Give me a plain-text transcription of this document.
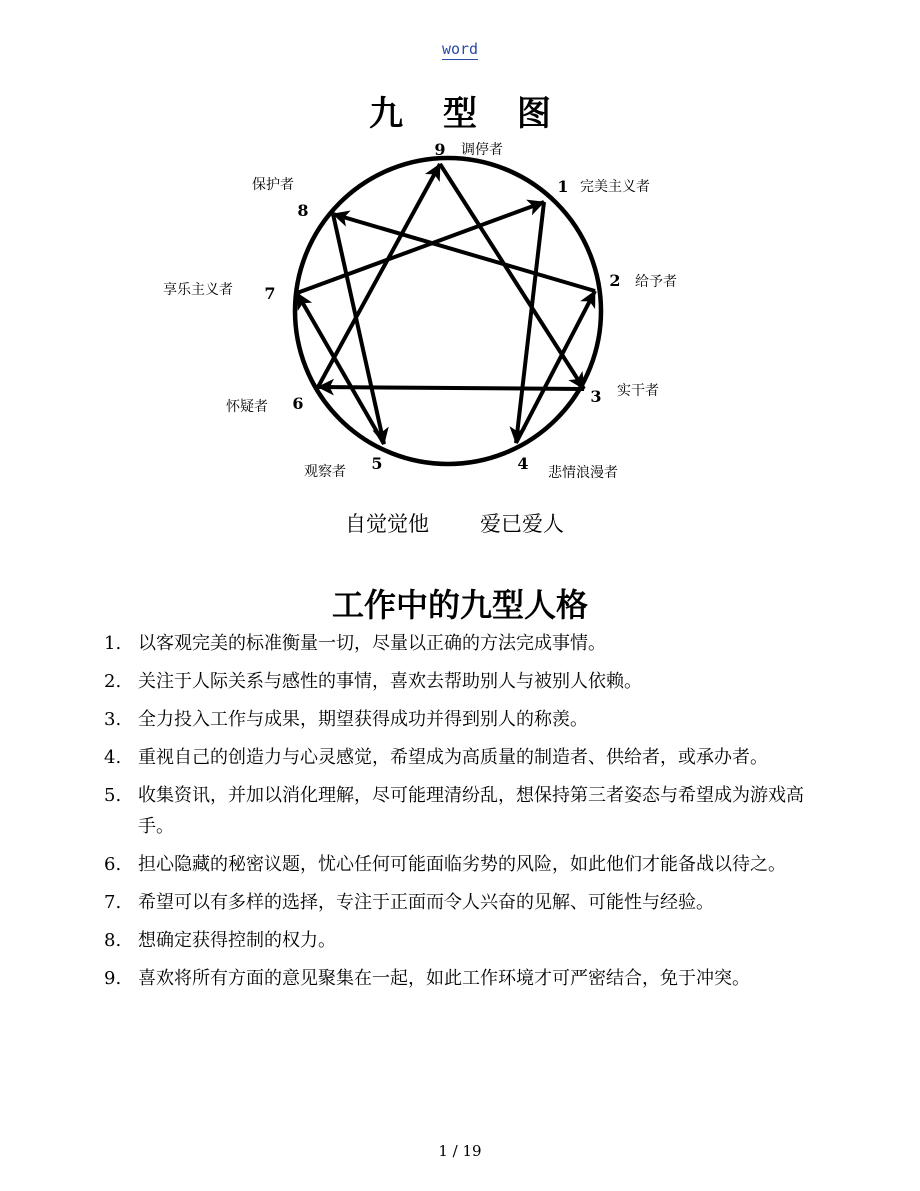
word
九 型 图
9
1
2
3
4
5
6
7
8
调停者
完美主义者
给予者
实干者
悲情浪漫者
观察者
怀疑者
享乐主义者
保护者
自觉觉他 爱已爱人
工作中的九型人格
1. 以客观完美的标准衡量一切，尽量以正确的方法完成事情。
2. 关注于人际关系与感性的事情，喜欢去帮助别人与被别人依赖。
3. 全力投入工作与成果，期望获得成功并得到别人的称羡。
4. 重视自己的创造力与心灵感觉，希望成为高质量的制造者、供给者，或承办者。
5. 收集资讯，并加以消化理解，尽可能理清纷乱，想保持第三者姿态与希望成为游戏高手。
6. 担心隐藏的秘密议题，忧心任何可能面临劣势的风险，如此他们才能备战以待之。
7. 希望可以有多样的选择，专注于正面而令人兴奋的见解、可能性与经验。
8. 想确定获得控制的权力。
9. 喜欢将所有方面的意见聚集在一起，如此工作环境才可严密结合，免于冲突。
1 / 19
